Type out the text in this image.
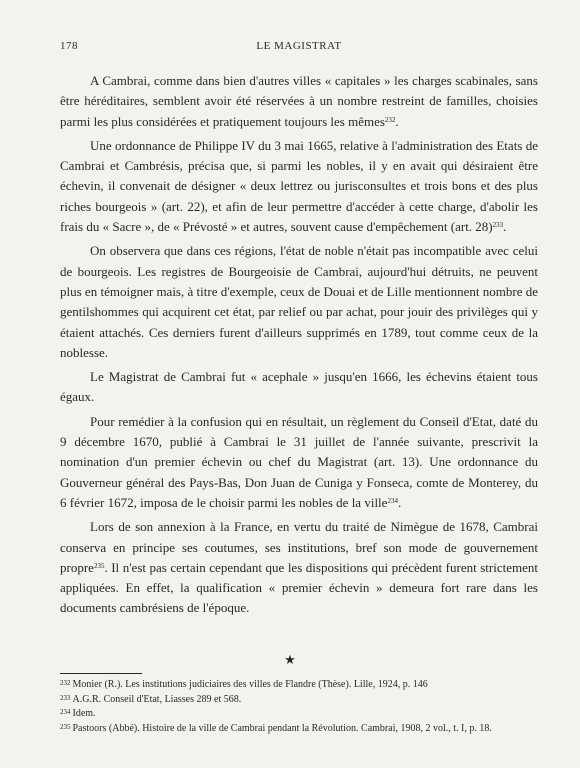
178	LE MAGISTRAT

A Cambrai, comme dans bien d'autres villes « capitales » les charges scabinales, sans être héréditaires, semblent avoir été réservées à un nombre restreint de familles, choisies parmi les plus considérées et pratiquement toujours les mêmes$^{232}$.

Une ordonnance de Philippe IV du 3 mai 1665, relative à l'administration des Etats de Cambrai et Cambrésis, précisa que, si parmi les nobles, il y en avait qui désiraient être échevin, il convenait de désigner « deux lettrez ou jurisconsultes et trois bons et des plus riches bourgeois » (art. 22), et afin de leur permettre d'accéder à cette charge, d'abolir les frais du « Sacre », de « Prévosté » et autres, souvent cause d'empêchement (art. 28)$^{233}$.

On observera que dans ces régions, l'état de noble n'était pas incompatible avec celui de bourgeois. Les registres de Bourgeoisie de Cambrai, aujourd'hui détruits, ne peuvent plus en témoigner mais, à titre d'exemple, ceux de Douai et de Lille mentionnent nombre de gentilshommes qui acquirent cet état, par relief ou par achat, pour jouir des privilèges qui y étaient attachés. Ces derniers furent d'ailleurs supprimés en 1789, tout comme ceux de la noblesse.

Le Magistrat de Cambrai fut « acephale » jusqu'en 1666, les échevins étaient tous égaux.

Pour remédier à la confusion qui en résultait, un règlement du Conseil d'Etat, daté du 9 décembre 1670, publié à Cambrai le 31 juillet de l'année suivante, prescrivit la nomination d'un premier échevin ou chef du Magistrat (art. 13). Une ordonnance du Gouverneur général des Pays-Bas, Don Juan de Cuniga y Fonseca, comte de Monterey, du 6 février 1672, imposa de le choisir parmi les nobles de la ville$^{234}$.

Lors de son annexion à la France, en vertu du traité de Nimègue de 1678, Cambrai conserva en principe ses coutumes, ses institutions, bref son mode de gouvernement propre$^{235}$. Il n'est pas certain cependant que les dispositions qui précèdent furent strictement appliquées. En effet, la qualification « premier échevin » demeura fort rare dans les documents cambrésiens de l'époque.

★

$^{232}$ Monier (R.). Les institutions judiciaires des villes de Flandre (Thèse). Lille, 1924, p. 146

$^{233}$ A.G.R. Conseil d'Etat, Liasses 289 et 568.

$^{234}$ Idem.

$^{235}$ Pastoors (Abbé). Histoire de la ville de Cambrai pendant la Révolution. Cambrai, 1908, 2 vol., t. I, p. 18.
